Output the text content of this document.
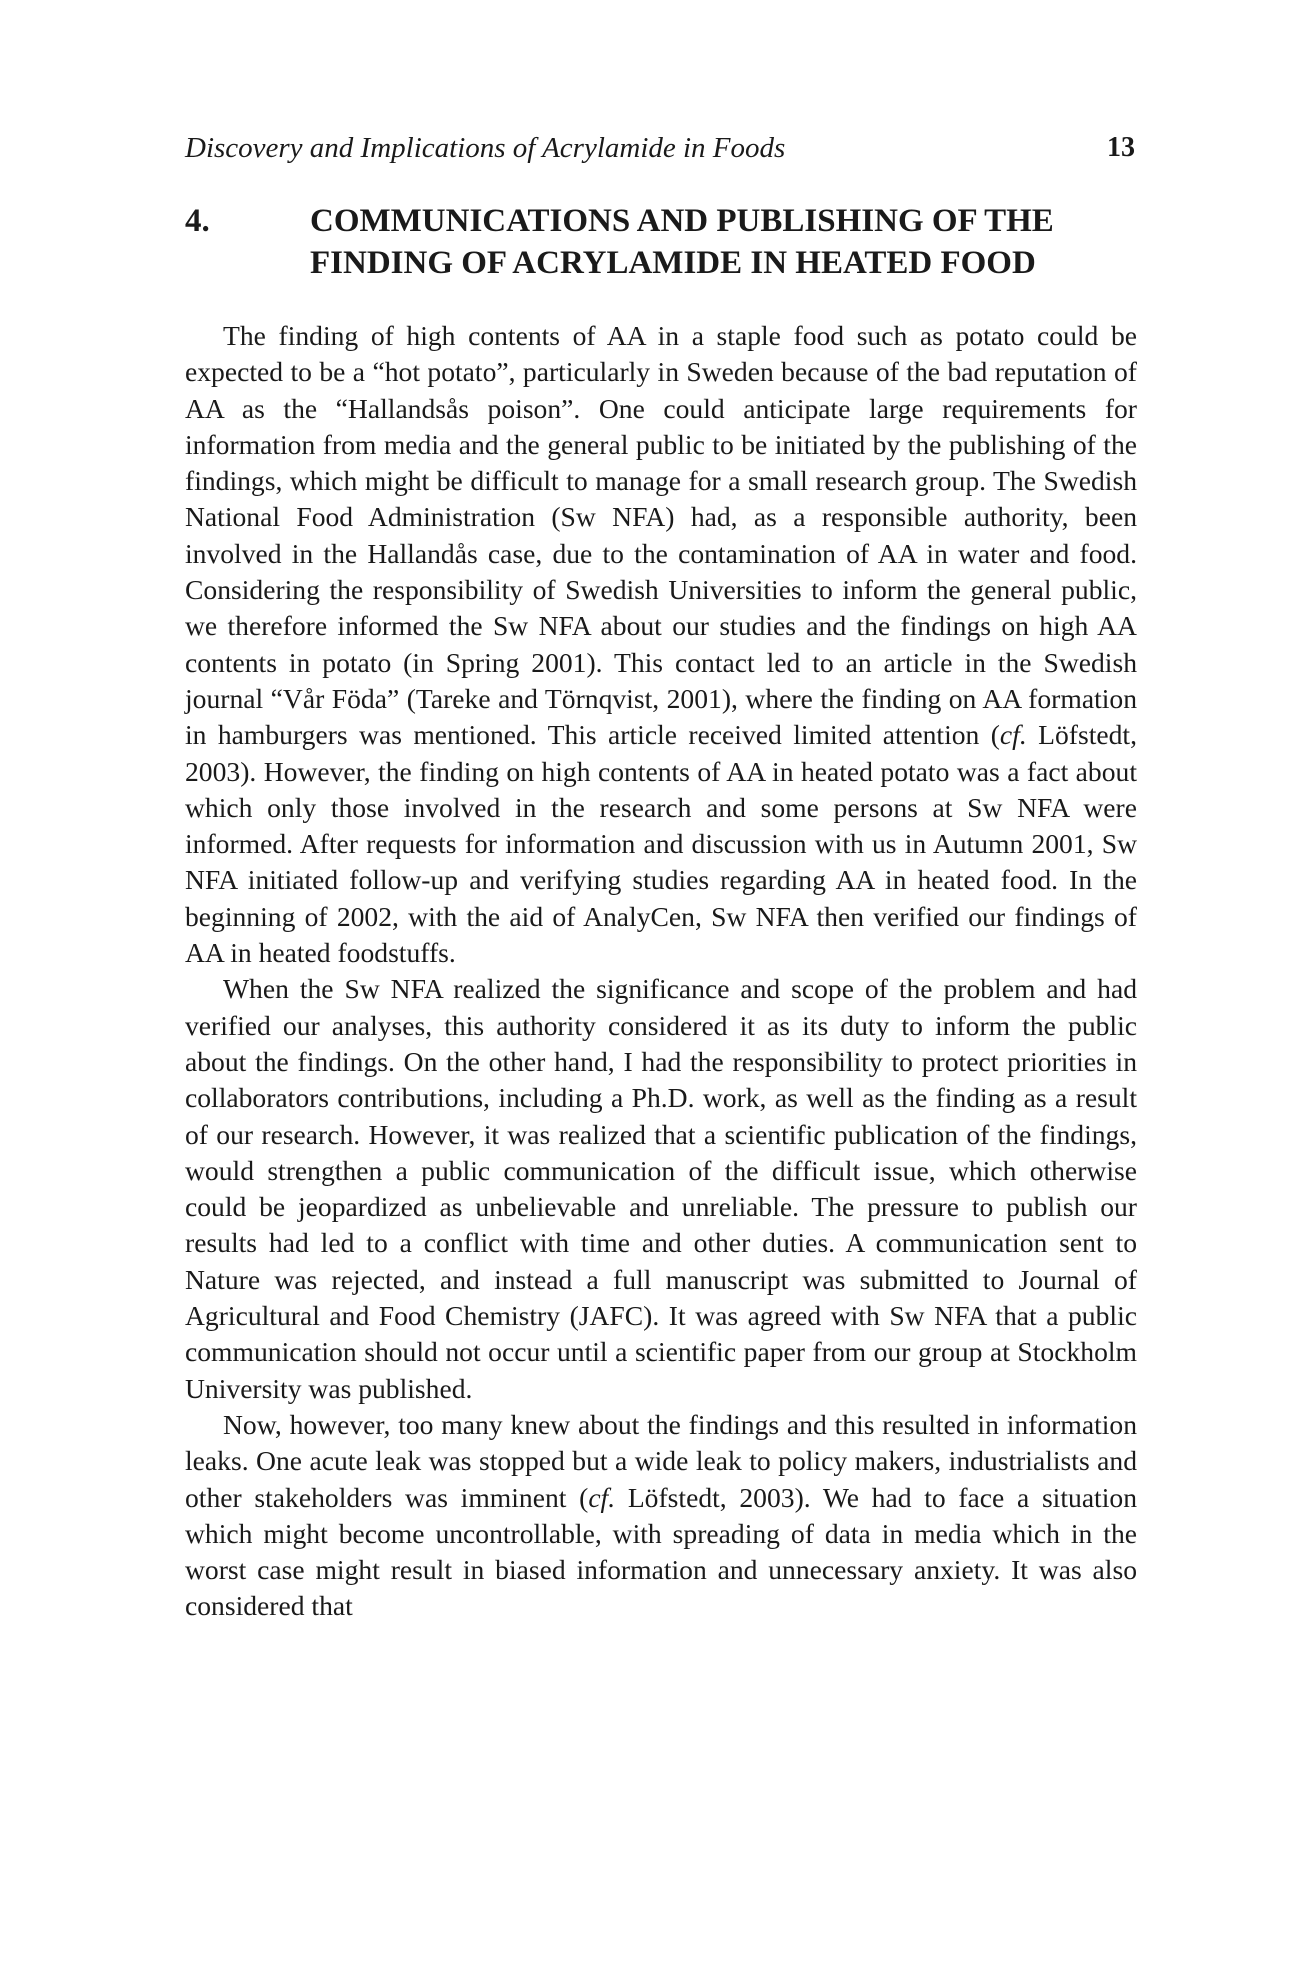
Discovery and Implications of Acrylamide in Foods	13
4.	COMMUNICATIONS AND PUBLISHING OF THE FINDING OF ACRYLAMIDE IN HEATED FOOD

The finding of high contents of AA in a staple food such as potato could be expected to be a “hot potato”, particularly in Sweden because of the bad reputation of AA as the “Hallandsås poison”. One could anticipate large requirements for information from media and the general public to be initiated by the publishing of the findings, which might be difficult to manage for a small research group. The Swedish National Food Administration (Sw NFA) had, as a responsible authority, been involved in the Hallandås case, due to the contamination of AA in water and food. Considering the responsibility of Swedish Universities to inform the general public, we therefore informed the Sw NFA about our studies and the findings on high AA contents in potato (in Spring 2001). This contact led to an article in the Swedish journal “Vår Föda” (Tareke and Törnqvist, 2001), where the finding on AA formation in hamburgers was mentioned. This article received limited attention (cf. Löfstedt, 2003). However, the finding on high contents of AA in heated potato was a fact about which only those involved in the research and some persons at Sw NFA were informed. After requests for information and discussion with us in Autumn 2001, Sw NFA initiated follow-up and verifying studies regarding AA in heated food. In the beginning of 2002, with the aid of AnalyCen, Sw NFA then verified our findings of AA in heated foodstuffs.

When the Sw NFA realized the significance and scope of the problem and had verified our analyses, this authority considered it as its duty to inform the public about the findings. On the other hand, I had the responsibility to protect priorities in collaborators contributions, including a Ph.D. work, as well as the finding as a result of our research. However, it was realized that a scientific publication of the findings, would strengthen a public communication of the difficult issue, which otherwise could be jeopardized as unbelievable and unreliable. The pressure to publish our results had led to a conflict with time and other duties. A communication sent to Nature was rejected, and instead a full manuscript was submitted to Journal of Agricultural and Food Chemistry (JAFC). It was agreed with Sw NFA that a public communication should not occur until a scientific paper from our group at Stockholm University was published.

Now, however, too many knew about the findings and this resulted in information leaks. One acute leak was stopped but a wide leak to policy makers, industrialists and other stakeholders was imminent (cf. Löfstedt, 2003). We had to face a situation which might become uncontrollable, with spreading of data in media which in the worst case might result in biased information and unnecessary anxiety. It was also considered that
